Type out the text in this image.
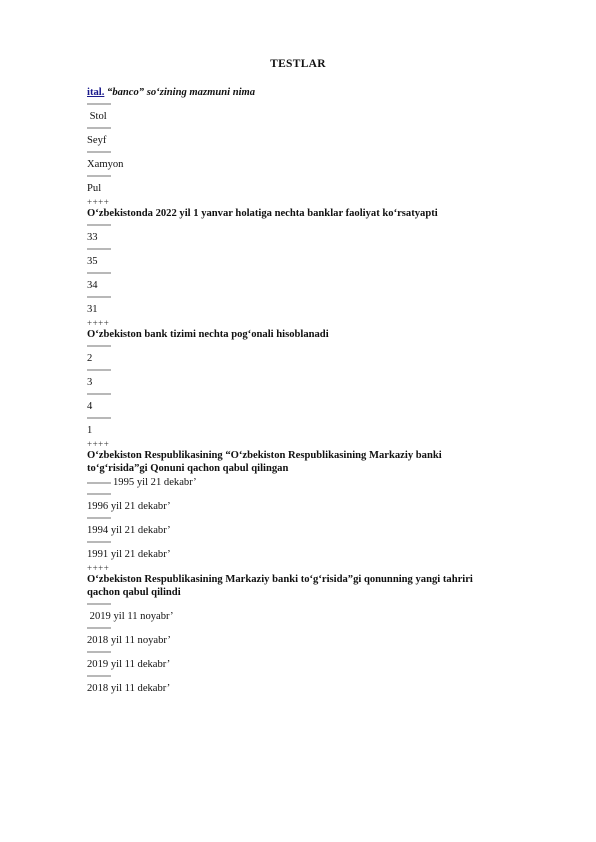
TESTLAR

ital. “banco” so‘zining mazmuni nima

Stol

Seyf

Xamyon

Pul

++++

O‘zbekistonda 2022 yil 1 yanvar holatiga nechta banklar faoliyat ko‘rsatyapti

33

35

34

31

++++

O‘zbekiston bank tizimi nechta pog‘onali hisoblanadi

2

3

4

1

++++

O‘zbekiston Respublikasining “O‘zbekiston Respublikasining Markaziy banki
to‘g‘risida”gi Qonuni qachon qabul qilingan

1995 yil 21 dekabr’

1996 yil 21 dekabr’

1994 yil 21 dekabr’

1991 yil 21 dekabr’

++++

O‘zbekiston Respublikasining Markaziy banki to‘g‘risida”gi qonunning yangi tahriri
qachon qabul qilindi

2019 yil 11 noyabr’

2018 yil 11 noyabr’

2019 yil 11 dekabr’

2018 yil 11 dekabr’
